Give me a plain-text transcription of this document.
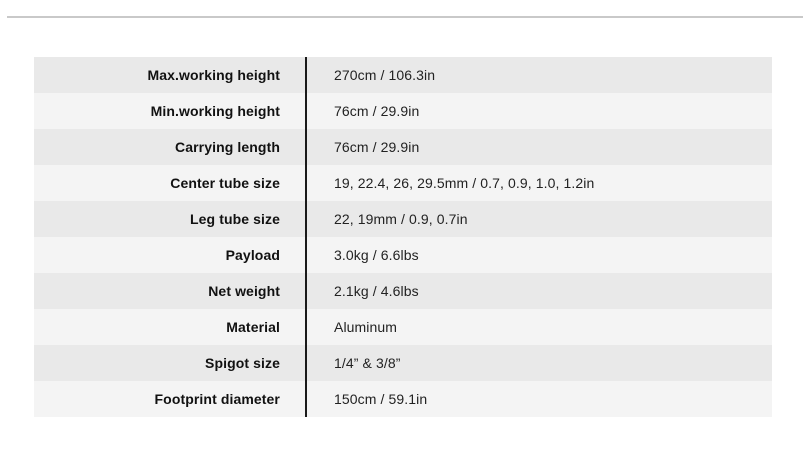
Max.working height	270cm / 106.3in
Min.working height	76cm / 29.9in
Carrying length	76cm / 29.9in
Center tube size	19, 22.4, 26, 29.5mm / 0.7, 0.9, 1.0, 1.2in
Leg tube size	22, 19mm / 0.9, 0.7in
Payload	3.0kg / 6.6lbs
Net weight	2.1kg / 4.6lbs
Material	Aluminum
Spigot size	1/4” & 3/8”
Footprint diameter	150cm / 59.1in
